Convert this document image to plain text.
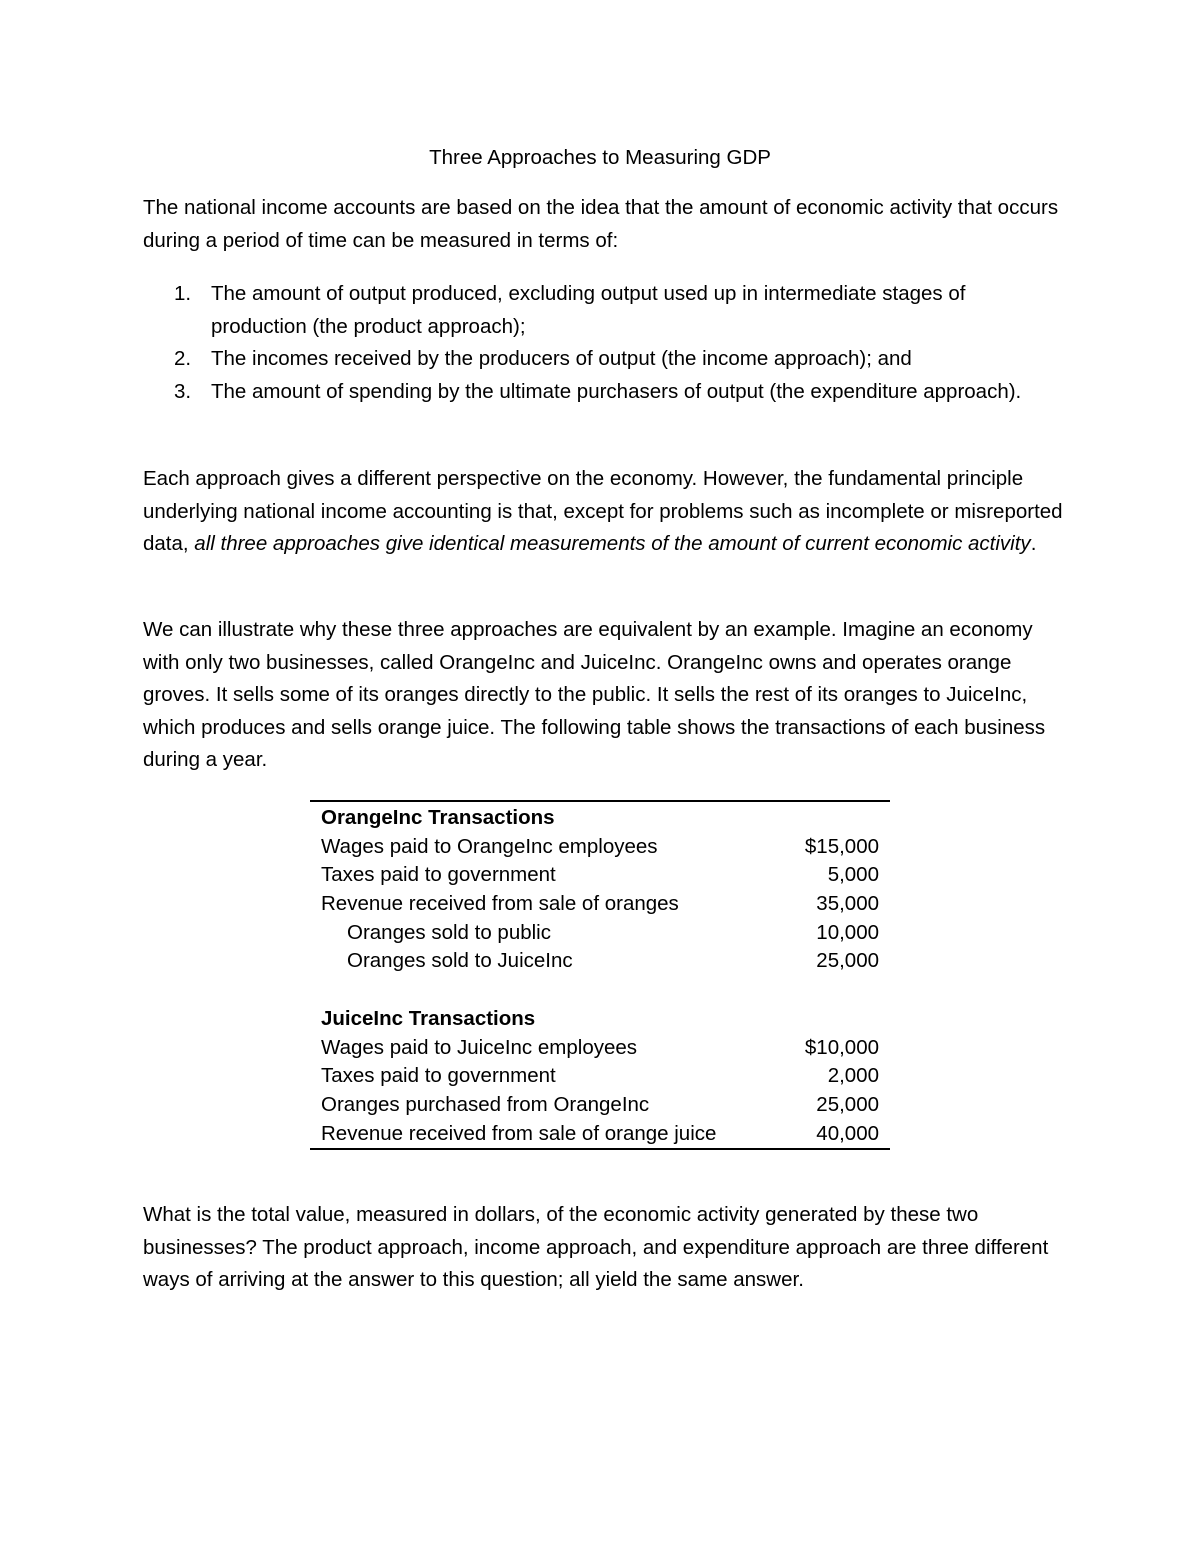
Three Approaches to Measuring GDP

The national income accounts are based on the idea that the amount of economic activity that occurs during a period of time can be measured in terms of:

1. The amount of output produced, excluding output used up in intermediate stages of production (the product approach);
2. The incomes received by the producers of output (the income approach); and
3. The amount of spending by the ultimate purchasers of output (the expenditure approach).

Each approach gives a different perspective on the economy. However, the fundamental principle underlying national income accounting is that, except for problems such as incomplete or misreported data, all three approaches give identical measurements of the amount of current economic activity.

We can illustrate why these three approaches are equivalent by an example. Imagine an economy with only two businesses, called OrangeInc and JuiceInc. OrangeInc owns and operates orange groves. It sells some of its oranges directly to the public. It sells the rest of its oranges to JuiceInc, which produces and sells orange juice. The following table shows the transactions of each business during a year.

OrangeInc Transactions
Wages paid to OrangeInc employees	$15,000
Taxes paid to government	5,000
Revenue received from sale of oranges	35,000
Oranges sold to public	10,000
Oranges sold to JuiceInc	25,000
JuiceInc Transactions
Wages paid to JuiceInc employees	$10,000
Taxes paid to government	2,000
Oranges purchased from OrangeInc	25,000
Revenue received from sale of orange juice	40,000

What is the total value, measured in dollars, of the economic activity generated by these two businesses? The product approach, income approach, and expenditure approach are three different ways of arriving at the answer to this question; all yield the same answer.
